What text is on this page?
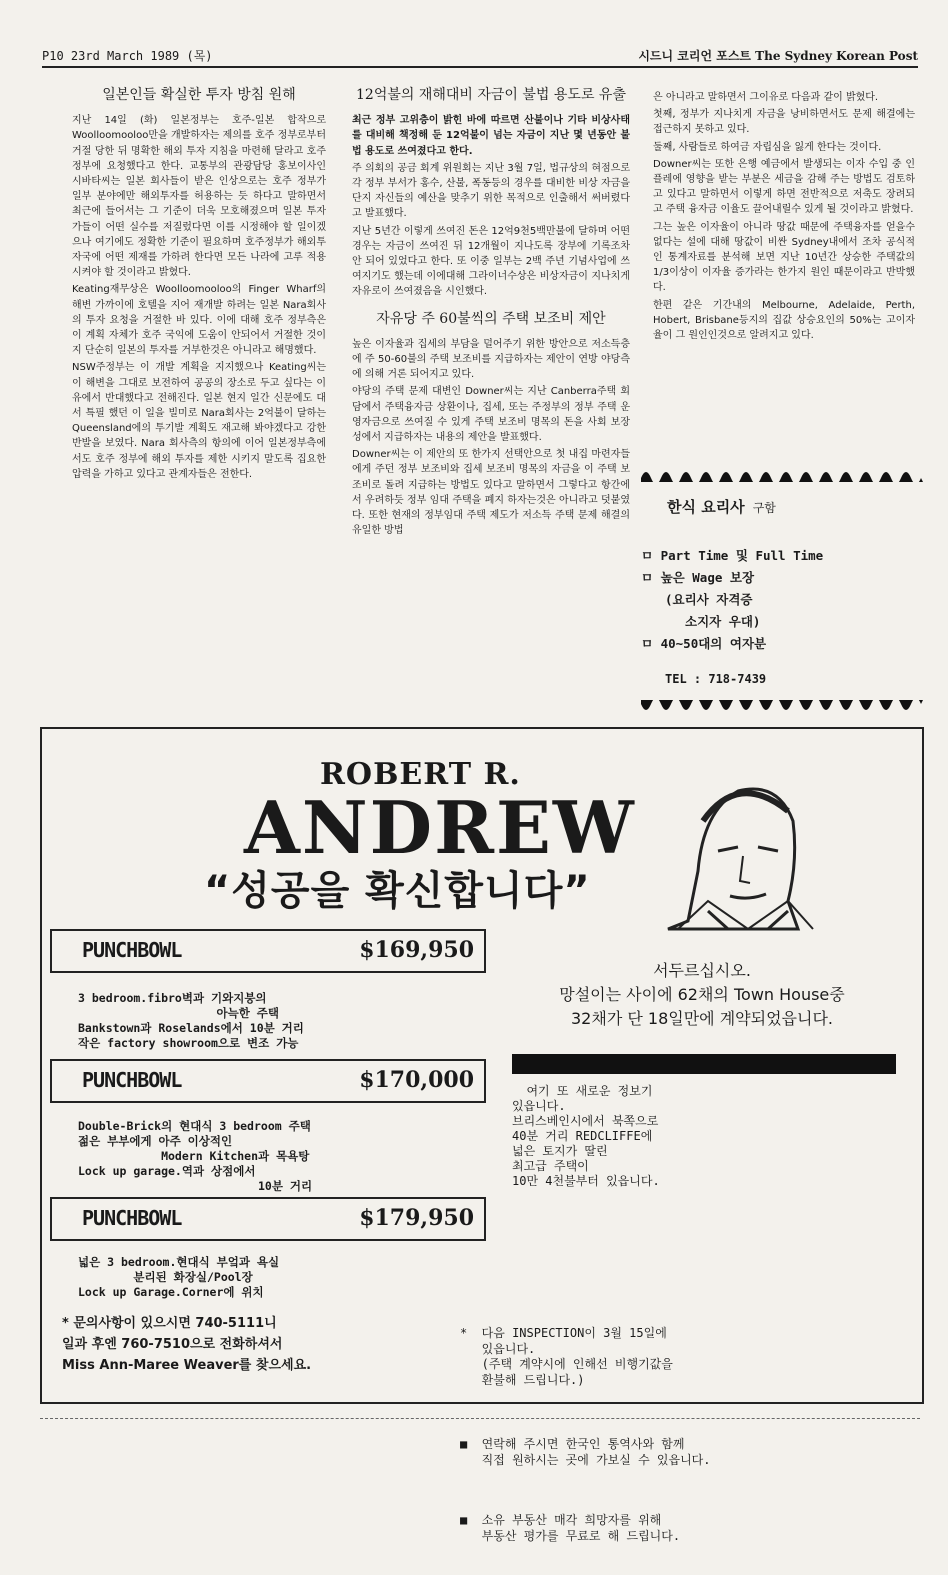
P10 23rd March 1989 (목)	시드니 코리언 포스트 The Sydney Korean Post
일본인들 확실한 투자 방침 원해

지난 14일 (화) 일본정부는 호주-일본 합작으로 Woolloomooloo만을 개발하자는 제의를 호주 정부로부터 거절 당한 뒤 명확한 해외 투자 지침을 마련해 달라고 호주정부에 요청했다고 한다. 교통부의 관광담당 홍보이사인 시바타씨는 일본 회사들이 받은 인상으로는 호주 정부가 일부 분야에만 해외투자를 허용하는 듯 하다고 말하면서 최근에 들어서는 그 기준이 더욱 모호해졌으며 일본 투자가들이 어떤 실수를 저질렀다면 이를 시정해야 할 일이겠으나 여기에도 정확한 기준이 필요하며 호주정부가 해외투자국에 어떤 제재를 가하려 한다면 모든 나라에 고루 적용시켜야 할 것이라고 밝혔다.

Keating재무상은 Woolloomooloo의 Finger Wharf의 해변 가까이에 호텔을 지어 재개발 하려는 일본 Nara회사의 투자 요청을 거절한 바 있다. 이에 대해 호주 정부측은 이 계획 자체가 호주 국익에 도움이 안되어서 거절한 것이지 단순히 일본의 투자를 거부한것은 아니라고 해명했다.

NSW주정부는 이 개발 계획을 지지했으나 Keating씨는 이 해변을 그대로 보전하여 공공의 장소로 두고 싶다는 이유에서 반대했다고 전해진다. 일본 현지 일간 신문에도 대서 특필 했던 이 일을 빌미로 Nara회사는 2억불이 달하는 Queensland에의 투기발 계획도 재고해 봐야겠다고 강한 반발을 보였다. Nara 회사측의 항의에 이어 일본정부측에서도 호주 정부에 해외 투자를 제한 시키지 말도록 집요한 압력을 가하고 있다고 관계자들은 전한다.

12억불의 재해대비 자금이 불법 용도로 유출

최근 정부 고위층이 밝힌 바에 따르면 산불이나 기타 비상사태를 대비해 책정해 둔 12억불이 넘는 자금이 지난 몇 년동안 불법 용도로 쓰여졌다고 한다.

주 의회의 공금 회계 위원회는 지난 3월 7일, 법규상의 혀점으로 각 정부 부서가 홍수, 산불, 폭동등의 경우를 대비한 비상 자금을 단지 자신들의 예산을 맞추기 위한 목적으로 인출해서 써버렸다고 발표했다.

지난 5년간 이렇게 쓰여진 돈은 12억9천5백만불에 달하며 어떤 경우는 자금이 쓰여진 뒤 12개월이 지나도록 장부에 기록조차 안 되어 있었다고 한다. 또 이중 일부는 2백 주년 기념사업에 쓰여지기도 했는데 이에대해 그라이너수상은 비상자금이 지나치게 자유로이 쓰여졌음을 시인했다.

자유당 주 60불씩의 주택 보조비 제안

높은 이자율과 집세의 부담을 덜어주기 위한 방안으로 저소득층에 주 50-60불의 주택 보조비를 지급하자는 제안이 연방 야당측에 의해 거론 되어지고 있다.

야당의 주택 문제 대변인 Downer씨는 지난 Canberra주택 회담에서 주택융자금 상환이나, 집세, 또는 주정부의 정부 주택 운영자금으로 쓰여질 수 있게 주택 보조비 명목의 돈을 사회 보장성에서 지급하자는 내용의 제안을 발표했다.

Downer씨는 이 제안의 또 한가지 선택안으로 첫 내집 마련자들에게 주던 정부 보조비와 집세 보조비 명목의 자금을 이 주택 보조비로 돌려 지급하는 방법도 있다고 말하면서 그렇다고 항간에서 우려하듯 정부 임대 주택을 폐지 하자는것은 아니라고 덧붙였다. 또한 현재의 정부임대 주택 제도가 저소득 주택 문제 해결의 유일한 방법

은 아니라고 말하면서 그이유로 다음과 같이 밝혔다.

첫째, 정부가 지나치게 자금을 낭비하면서도 문제 해결에는 접근하지 못하고 있다.

둘째, 사람들로 하여금 자립심을 잃게 한다는 것이다.

Downer씨는 또한 은행 예금에서 발생되는 이자 수입 중 인플레에 영향을 받는 부분은 세금을 감해 주는 방법도 검토하고 있다고 말하면서 이렇게 하면 전반적으로 저축도 장려되고 주택 융자금 이율도 끌어내릴수 있게 될 것이라고 밝혔다.

그는 높은 이자율이 아니라 땅값 때문에 주택융자를 얻을수 없다는 설에 대해 땅값이 비싼 Sydney내에서 조차 공식적인 통계자료를 분석해 보면 지난 10년간 상승한 주택값의 1/3이상이 이자율 증가라는 한가지 원인 때문이라고 반박했다.

한편 같은 기간내의 Melbourne, Adelaide, Perth, Hobert, Brisbane등지의 집값 상승요인의 50%는 고이자율이 그 원인인것으로 알려지고 있다.

한식 요리사 구함
ㅁ Part Time 및 Full Time
ㅁ 높은 Wage 보장
(요리사 자격증
소지자 우대)
ㅁ 40~50대의 여자분
TEL : 718-7439
ROBERT R.
ANDREW
“성공을 확신합니다”
PUNCHBOWL	$169,950
3 bedroom.fibro벽과 기와지붕의
아늑한 주택
Bankstown과 Roselands에서 10분 거리
작은 factory showroom으로 변조 가능
PUNCHBOWL	$170,000
Double-Brick의 현대식 3 bedroom 주택
젊은 부부에게 아주 이상적인
Modern Kitchen과 목욕탕
Lock up garage.역과 상점에서
10분 거리
PUNCHBOWL	$179,950
넓은 3 bedroom.현대식 부엌과 욕실
분리된 화장실/Pool장
Lock up Garage.Corner에 위치
* 문의사항이 있으시면 740-5111니
일과 후엔 760-7510으로 전화하셔서
Miss Ann-Maree Weaver를 찾으세요.
서두르십시오.
망설이는 사이에 62채의 Town House중
32채가 단 18일만에 계약되었읍니다.
여기 또 새로운 정보기
있읍니다.
브리스베인시에서 북쪽으로
40분 거리 REDCLIFFE에
넓은 토지가 딸린
최고급 주택이
10만 4천불부터 있읍니다.

*  다음 INSPECTION이 3월 15일에
있읍니다.
(주택 계약시에 인해선 비행기값을
환불해 드립니다.)

■  연락해 주시면 한국인 통역사와 함께
직접 원하시는 곳에 가보실 수 있읍니다.

■  소유 부동산 매각 희망자를 위해
부동산 평가를 무료로 해 드립니다.
